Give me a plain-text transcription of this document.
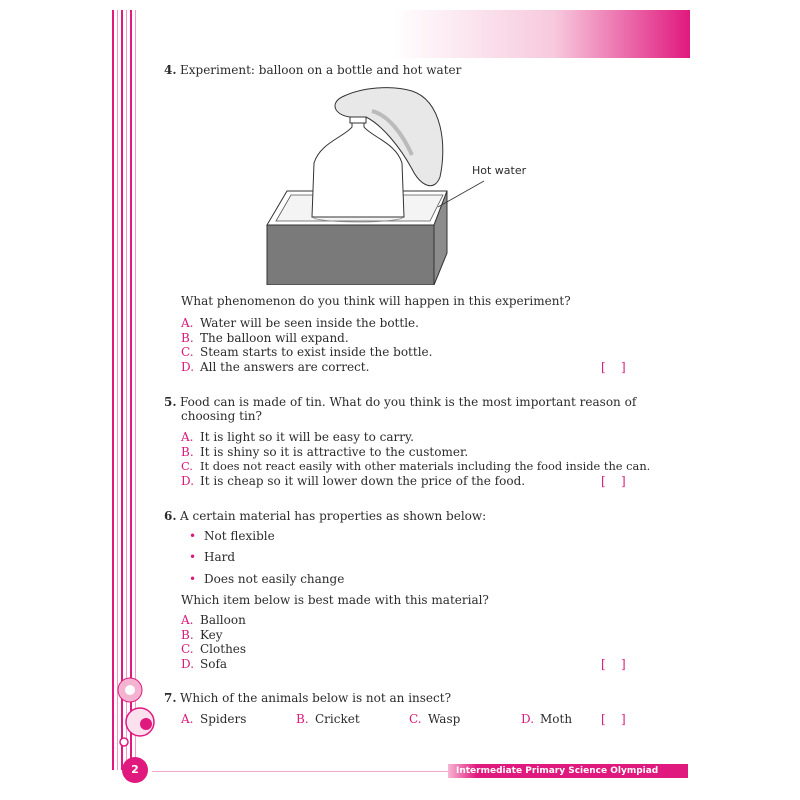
4. Experiment: balloon on a bottle and hot water
Hot water
What phenomenon do you think will happen in this experiment?
A. Water will be seen inside the bottle.
B. The balloon will expand.
C. Steam starts to exist inside the bottle.
D. All the answers are correct.	[    ]
5. Food can is made of tin. What do you think is the most important reason of
choosing tin?
A. It is light so it will be easy to carry.
B. It is shiny so it is attractive to the customer.
C. It does not react easily with other materials including the food inside the can.
D. It is cheap so it will lower down the price of the food.	[    ]
6. A certain material has properties as shown below:
• Not flexible
• Hard
• Does not easily change
Which item below is best made with this material?
A. Balloon
B. Key
C. Clothes
D. Sofa	[    ]
7. Which of the animals below is not an insect?
A. Spiders	B. Cricket	C. Wasp	D. Moth [    ]
2	Intermediate Primary Science Olympiad
